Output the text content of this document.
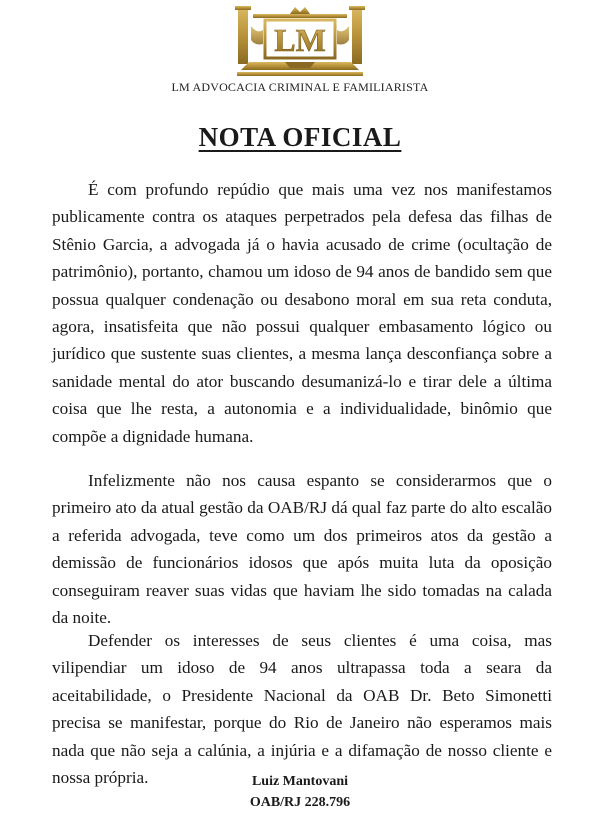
LM
LM ADVOCACIA CRIMINAL E FAMILIARISTA
NOTA OFICIAL

É com profundo repúdio que mais uma vez nos manifestamos publicamente contra os ataques perpetrados pela defesa das filhas de Stênio Garcia, a advogada já o havia acusado de crime (ocultação de patrimônio), portanto, chamou um idoso de 94 anos de bandido sem que possua qualquer condenação ou desabono moral em sua reta conduta, agora, insatisfeita que não possui qualquer embasamento lógico ou jurídico que sustente suas clientes, a mesma lança desconfiança sobre a sanidade mental do ator buscando desumanizá-lo e tirar dele a última coisa que lhe resta, a autonomia e a individualidade, binômio que compõe a dignidade humana.

Infelizmente não nos causa espanto se considerarmos que o primeiro ato da atual gestão da OAB/RJ dá qual faz parte do alto escalão a referida advogada, teve como um dos primeiros atos da gestão a demissão de funcionários idosos que após muita luta da oposição conseguiram reaver suas vidas que haviam lhe sido tomadas na calada da noite.

Defender os interesses de seus clientes é uma coisa, mas vilipendiar um idoso de 94 anos ultrapassa toda a seara da aceitabilidade, o Presidente Nacional da OAB Dr. Beto Simonetti precisa se manifestar, porque do Rio de Janeiro não esperamos mais nada que não seja a calúnia, a injúria e a difamação de nosso cliente e nossa própria.	Luiz Mantovani
OAB/RJ 228.796
